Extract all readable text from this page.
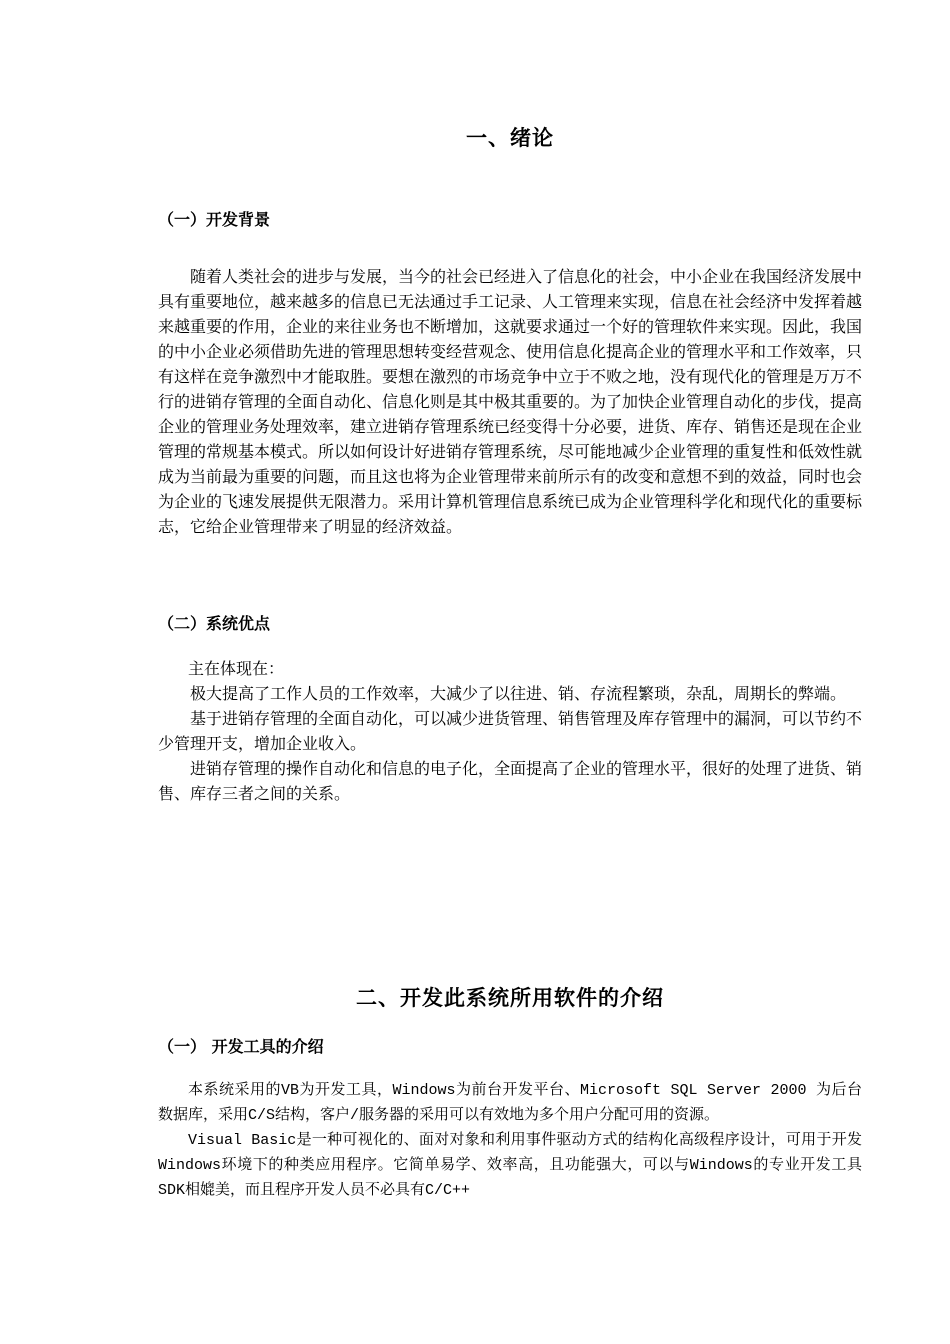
一、绪论
（一）开发背景

随着人类社会的进步与发展，当今的社会已经进入了信息化的社会，中小企业在我国经济发展中具有重要地位，越来越多的信息已无法通过手工记录、人工管理来实现，信息在社会经济中发挥着越来越重要的作用，企业的来往业务也不断增加，这就要求通过一个好的管理软件来实现。因此，我国的中小企业必须借助先进的管理思想转变经营观念、使用信息化提高企业的管理水平和工作效率，只有这样在竞争激烈中才能取胜。要想在激烈的市场竞争中立于不败之地，没有现代化的管理是万万不行的进销存管理的全面自动化、信息化则是其中极其重要的。为了加快企业管理自动化的步伐，提高企业的管理业务处理效率，建立进销存管理系统已经变得十分必要，进货、库存、销售还是现在企业管理的常规基本模式。所以如何设计好进销存管理系统，尽可能地减少企业管理的重复性和低效性就成为当前最为重要的问题，而且这也将为企业管理带来前所示有的改变和意想不到的效益，同时也会为企业的飞速发展提供无限潜力。采用计算机管理信息系统已成为企业管理科学化和现代化的重要标志，它给企业管理带来了明显的经济效益。

（二）系统优点

主在体现在：

极大提高了工作人员的工作效率，大减少了以往进、销、存流程繁琐，杂乱，周期长的弊端。

基于进销存管理的全面自动化，可以减少进货管理、销售管理及库存管理中的漏洞，可以节约不少管理开支，增加企业收入。

进销存管理的操作自动化和信息的电子化，全面提高了企业的管理水平，很好的处理了进货、销售、库存三者之间的关系。

二、开发此系统所用软件的介绍
（一） 开发工具的介绍

本系统采用的VB为开发工具，Windows为前台开发平台、Microsoft SQL Server 2000 为后台数据库，采用C/S结构，客户/服务器的采用可以有效地为多个用户分配可用的资源。

Visual Basic是一种可视化的、面对对象和利用事件驱动方式的结构化高级程序设计，可用于开发Windows环境下的种类应用程序。它简单易学、效率高，且功能强大，可以与Windows的专业开发工具SDK相媲美，而且程序开发人员不必具有C/C++
